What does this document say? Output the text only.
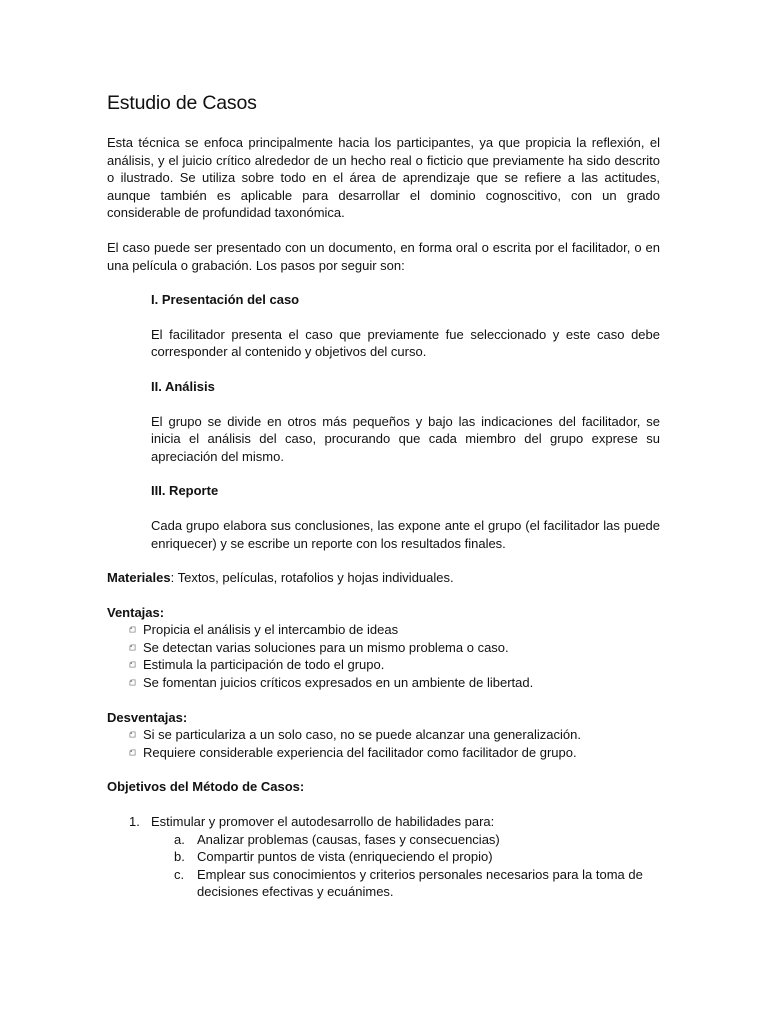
Estudio de Casos

Esta técnica se enfoca principalmente hacia los participantes, ya que propicia la reflexión, el análisis, y el juicio crítico alrededor de un hecho real o ficticio que previamente ha sido descrito o ilustrado. Se utiliza sobre todo en el área de aprendizaje que se refiere a las actitudes, aunque también es aplicable para desarrollar el dominio cognoscitivo, con un grado considerable de profundidad taxonómica.

El caso puede ser presentado con un documento, en forma oral o escrita por el facilitador, o en una película o grabación. Los pasos por seguir son:

I. Presentación del caso

El facilitador presenta el caso que previamente fue seleccionado y este caso debe corresponder al contenido y objetivos del curso.

II. Análisis

El grupo se divide en otros más pequeños y bajo las indicaciones del facilitador, se inicia el análisis del caso, procurando que cada miembro del grupo exprese su apreciación del mismo.

III. Reporte

Cada grupo elabora sus conclusiones, las expone ante el grupo (el facilitador las puede enriquecer) y se escribe un reporte con los resultados finales.

Materiales: Textos, películas, rotafolios y hojas individuales.

Ventajas:

Propicia el análisis y el intercambio de ideas
Se detectan varias soluciones para un mismo problema o caso.
Estimula la participación de todo el grupo.
Se fomentan juicios críticos expresados en un ambiente de libertad.

Desventajas:

Si se particulariza a un solo caso, no se puede alcanzar una generalización.
Requiere considerable experiencia del facilitador como facilitador de grupo.

Objetivos del Método de Casos:

1. Estimular y promover el autodesarrollo de habilidades para:
a. Analizar problemas (causas, fases y consecuencias)
b. Compartir puntos de vista (enriqueciendo el propio)
c. Emplear sus conocimientos y criterios personales necesarios para la toma de decisiones efectivas y ecuánimes.
